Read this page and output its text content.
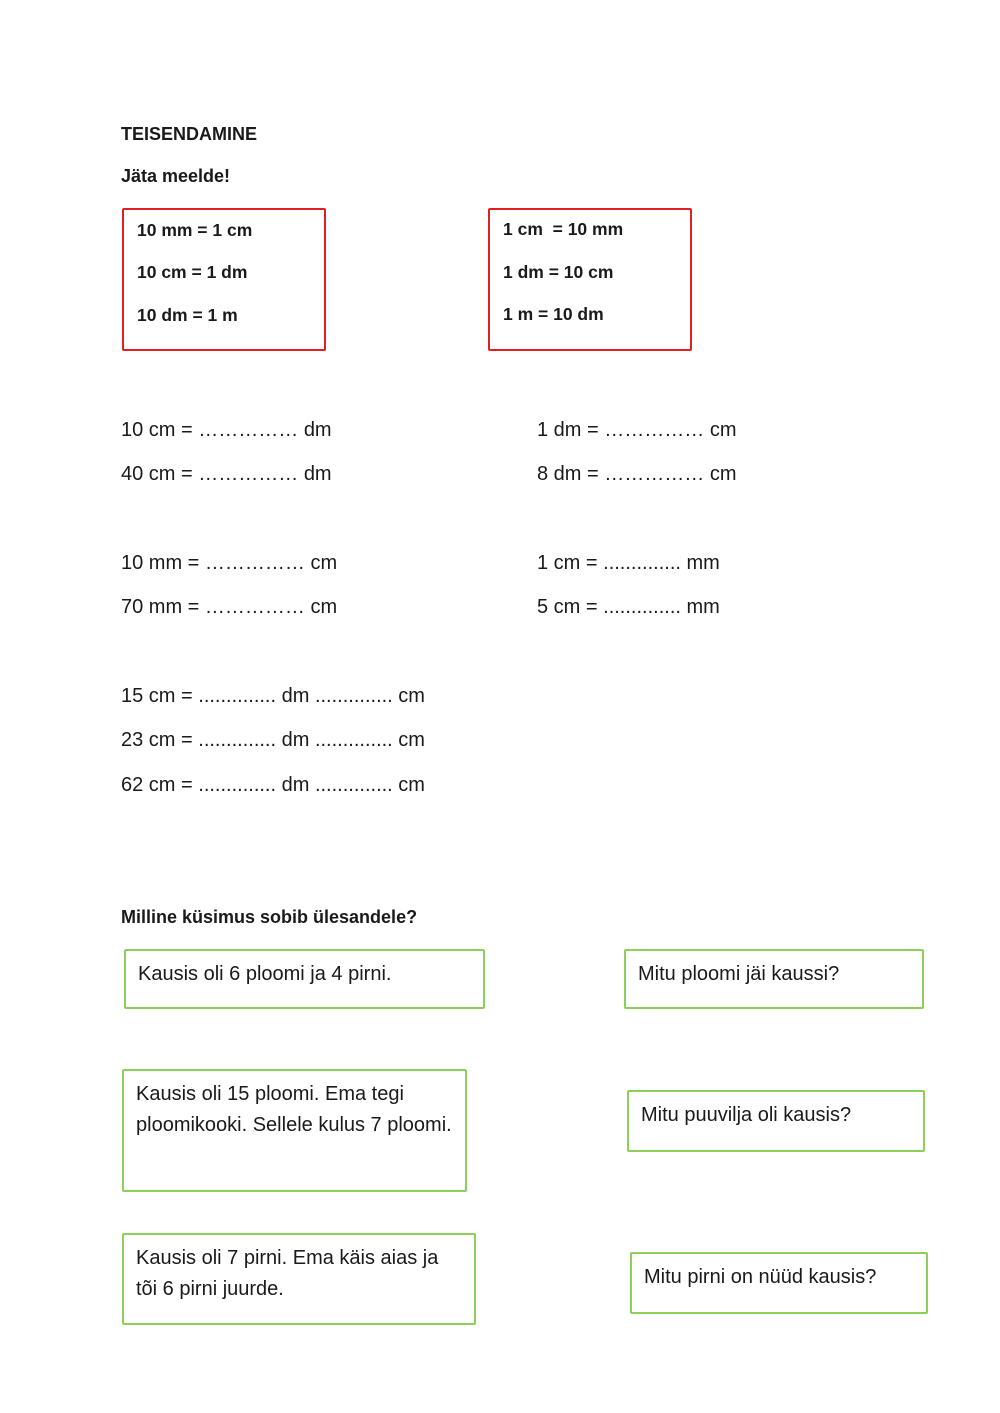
TEISENDAMINE
Jäta meelde!
10 mm = 1 cm
10 cm = 1 dm
10 dm = 1 m
1 cm  = 10 mm
1 dm = 10 cm
1 m = 10 dm
10 cm = …………… dm
40 cm = …………… dm
10 mm = …………… cm
70 mm = …………… cm
1 dm = …………… cm
8 dm = …………… cm
1 cm = .............. mm
5 cm = .............. mm
15 cm = .............. dm .............. cm
23 cm = .............. dm .............. cm
62 cm = .............. dm .............. cm
Milline küsimus sobib ülesandele?
Kausis oli 6 ploomi ja 4 pirni.
Kausis oli 15 ploomi. Ema tegi ploomikooki. Sellele kulus 7 ploomi.
Kausis oli 7 pirni. Ema käis aias ja tõi 6 pirni juurde.
Mitu ploomi jäi kaussi?
Mitu puuvilja oli kausis?
Mitu pirni on nüüd kausis?
